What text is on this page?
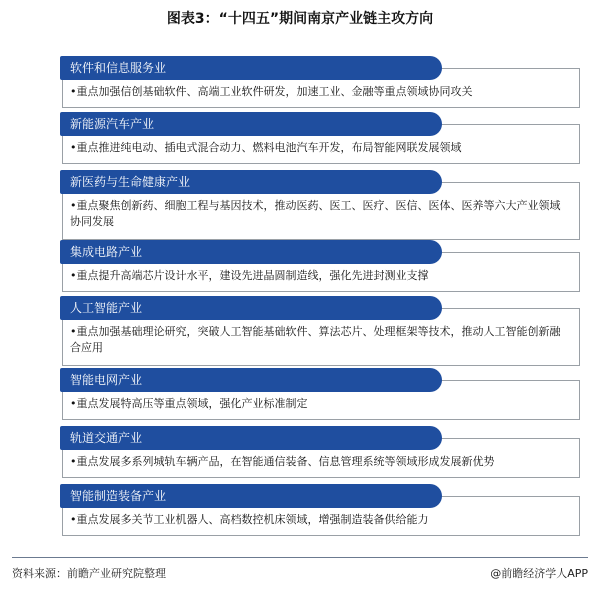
图表3：“十四五”期间南京产业链主攻方向
软件和信息服务业
•重点加强信创基础软件、高端工业软件研发，加速工业、金融等重点领域协同攻关
新能源汽车产业
•重点推进纯电动、插电式混合动力、燃料电池汽车开发，布局智能网联发展领域
新医药与生命健康产业
•重点聚焦创新药、细胞工程与基因技术，推动医药、医工、医疗、医信、医体、医养等六大产业领域协同发展
集成电路产业
•重点提升高端芯片设计水平，建设先进晶圆制造线，强化先进封测业支撑
人工智能产业
•重点加强基础理论研究，突破人工智能基础软件、算法芯片、处理框架等技术，推动人工智能创新融合应用
智能电网产业
•重点发展特高压等重点领域，强化产业标准制定
轨道交通产业
•重点发展多系列城轨车辆产品，在智能通信装备、信息管理系统等领域形成发展新优势
智能制造装备产业
•重点发展多关节工业机器人、高档数控机床领域，增强制造装备供给能力
资料来源：前瞻产业研究院整理	@前瞻经济学人APP
